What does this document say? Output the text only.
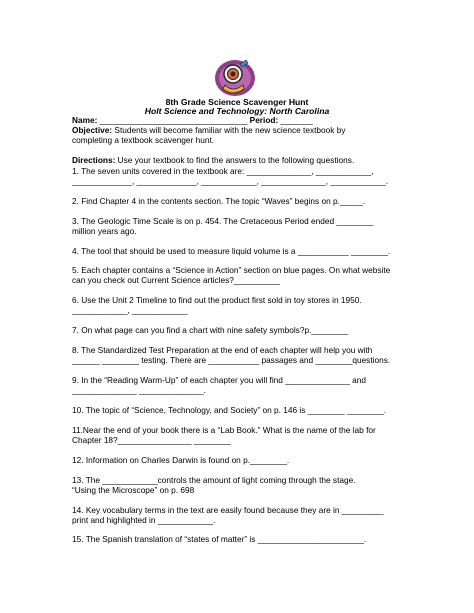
8th Grade Science Scavenger Hunt
Holt Science and Technology: North Carolina

Name: ________________________________ Period: _______

Objective: Students will become familiar with the new science textbook by

completing a textbook scavenger hunt.

Directions: Use your textbook to find the answers to the following questions.

1. The seven units covered in the textbook are: ______________, ____________,

_____________, _____________, ____________, ______________, ____________.

2. Find Chapter 4 in the contents section. The topic “Waves” begins on p._____.

3. The Geologic Time Scale is on p. 454. The Cretaceous Period ended ________

million years ago.

4. The tool that should be used to measure liquid volume is a ___________ ________.

5. Each chapter contains a “Science in Action” section on blue pages. On what website

can you check out Current Science articles?__________

6. Use the Unit 2 Timeline to find out the product first sold in toy stores in 1950.

____________, ____________

7. On what page can you find a chart with nine safety symbols?p.________

8. The Standardized Test Preparation at the end of each chapter will help you with

______ ________ testing. There are ___________ passages and ________questions.

9. In the “Reading Warm-Up” of each chapter you will find ______________ and

______________ ______________.

10. The topic of “Science, Technology, and Society” on p. 146 is ________ ________.

11.Near the end of your book there is a “Lab Book.” What is the name of the lab for

Chapter 18?________________ ________

12. Information on Charles Darwin is found on p.________.

13. The ____________controls the amount of light coming through the stage.

“Using the Microscope” on p. 698

14. Key vocabulary terms in the text are easily found because they are in _________

print and highlighted in ____________.

15. The Spanish translation of “states of matter” is _______________________.
